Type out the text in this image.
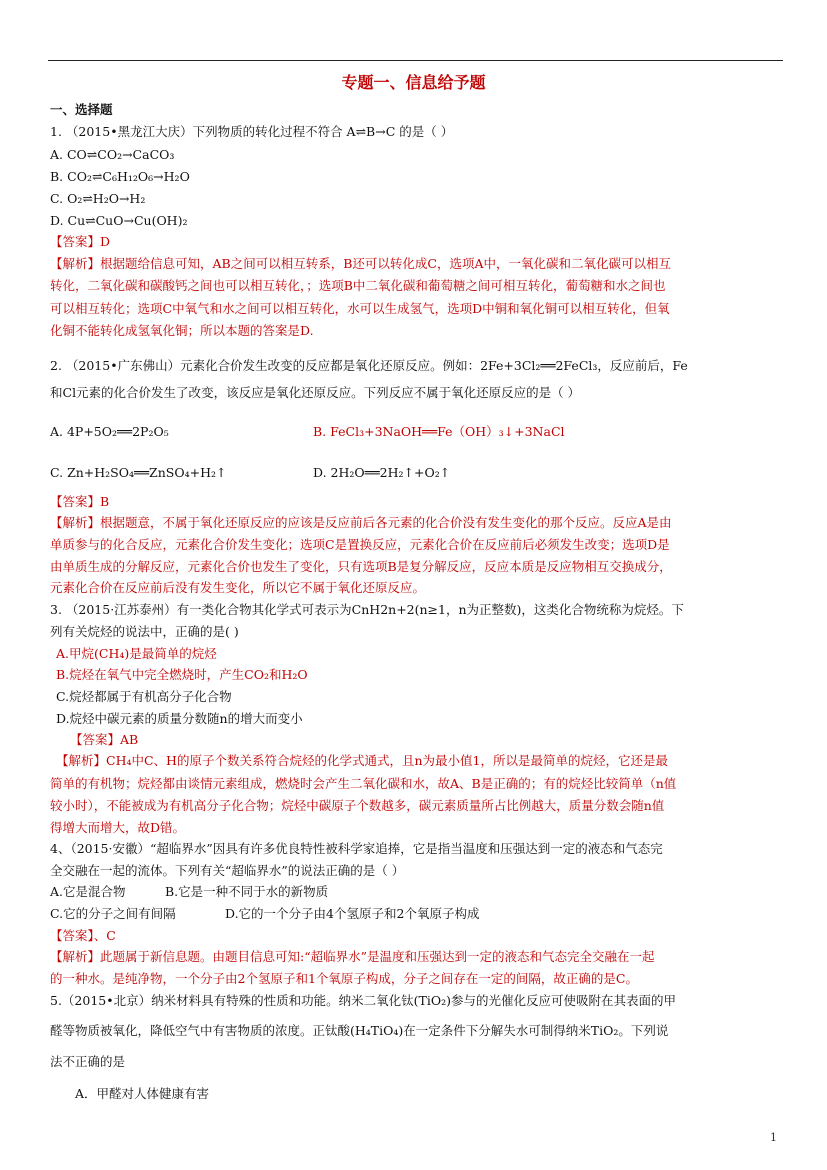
专题一、信息给予题
一、选择题
1. （2015•黑龙江大庆）下列物质的转化过程不符合 A⇌B→C 的是（ ）
A. CO⇌CO₂→CaCO₃
B. CO₂⇌C₆H₁₂O₆→H₂O
C. O₂⇌H₂O→H₂
D. Cu⇌CuO→Cu(OH)₂
【答案】D
【解析】根据题给信息可知，AB之间可以相互转系，B还可以转化成C，选项A中，一氧化碳和二氧化碳可以相互
转化，二氧化碳和碳酸钙之间也可以相互转化，；选项B中二氧化碳和葡萄糖之间可相互转化，葡萄糖和水之间也
可以相互转化；选项C中氧气和水之间可以相互转化，水可以生成氢气，选项D中铜和氧化铜可以相互转化，但氧
化铜不能转化成氢氧化铜；所以本题的答案是D.
2. （2015•广东佛山）元素化合价发生改变的反应都是氧化还原反应。例如：2Fe+3Cl₂══2FeCl₃，反应前后，Fe
和Cl元素的化合价发生了改变，该反应是氧化还原反应。下列反应不属于氧化还原反应的是（ ）
A. 4P+5O₂══2P₂O₅	B. FeCl₃+3NaOH══Fe（OH）₃↓+3NaCl
C. Zn+H₂SO₄══ZnSO₄+H₂↑	D. 2H₂O══2H₂↑+O₂↑
【答案】B
【解析】根据题意，不属于氧化还原反应的应该是反应前后各元素的化合价没有发生变化的那个反应。反应A是由
单质参与的化合反应，元素化合价发生变化；选项C是置换反应，元素化合价在反应前后必须发生改变；选项D是
由单质生成的分解反应，元素化合价也发生了变化，只有选项B是复分解反应，反应本质是反应物相互交换成分，
元素化合价在反应前后没有发生变化，所以它不属于氧化还原反应。
3. （2015·江苏泰州）有一类化合物其化学式可表示为CnH2n+2(n≥1，n为正整数)，这类化合物统称为烷烃。下
列有关烷烃的说法中，正确的是( )
A.甲烷(CH₄)是最简单的烷烃
B.烷烃在氧气中完全燃烧时，产生CO₂和H₂O
C.烷烃都属于有机高分子化合物
D.烷烃中碳元素的质量分数随n的增大而变小
【答案】AB
【解析】CH₄中C、H的原子个数关系符合烷烃的化学式通式，且n为最小值1，所以是最简单的烷烃，它还是最
简单的有机物；烷烃都由谈情元素组成，燃烧时会产生二氧化碳和水，故A、B是正确的；有的烷烃比较简单（n值
较小时），不能被成为有机高分子化合物；烷烃中碳原子个数越多，碳元素质量所占比例越大，质量分数会随n值
得增大而增大，故D错。
4、（2015·安徽）“超临界水”因具有许多优良特性被科学家追捧，它是指当温度和压强达到一定的液态和气态完
全交融在一起的流体。下列有关“超临界水”的说法正确的是（ ）
A.它是混合物	B.它是一种不同于水的新物质
C.它的分子之间有间隔	D.它的一个分子由4个氢原子和2个氧原子构成
【答案】、C
【解析】此题属于新信息题。由题目信息可知:“超临界水”是温度和压强达到一定的液态和气态完全交融在一起
的一种水。是纯净物，一个分子由2个氢原子和1个氧原子构成，分子之间存在一定的间隔，故正确的是C。
5.（2015•北京）纳米材料具有特殊的性质和功能。纳米二氧化钛(TiO₂)参与的光催化反应可使吸附在其表面的甲
醛等物质被氧化，降低空气中有害物质的浓度。正钛酸(H₄TiO₄)在一定条件下分解失水可制得纳米TiO₂。下列说
法不正确的是
A．甲醛对人体健康有害
1
